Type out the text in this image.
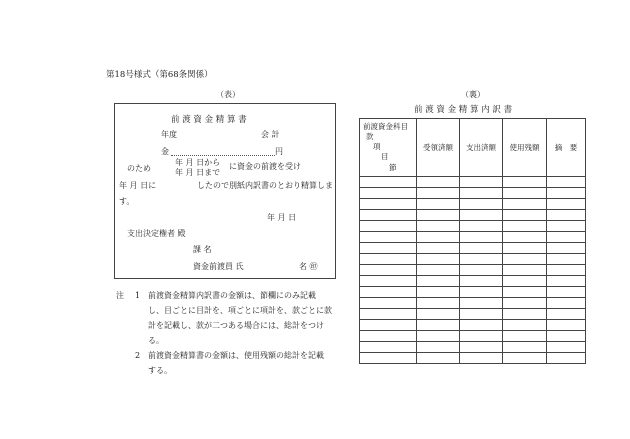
第18号様式（第68条関係）
（表）
前 渡 資 金 精 算 書
年度	会 計
金	円
のため
年 月 日から
年 月 日まで
に資金の前渡を受け
年 月 日に	したので別紙内訳書のとおり精算しま
す。
年 月 日
支出決定権者 殿
課 名
資金前渡員 氏	名 ㊞
注 1 前渡資金精算内訳書の金額は、節欄にのみ記載
し、目ごとに目計を、項ごとに項計を、款ごとに款
計を記載し、款が二つある場合には、総計をつけ
る。
2 前渡資金精算書の金額は、使用残額の総計を記載
する。
（裏）
前 渡 資 金 精 算 内 訳 書
前渡資金科目
款
項
目
節	受領済額	支出済額	使用残額	摘　要
